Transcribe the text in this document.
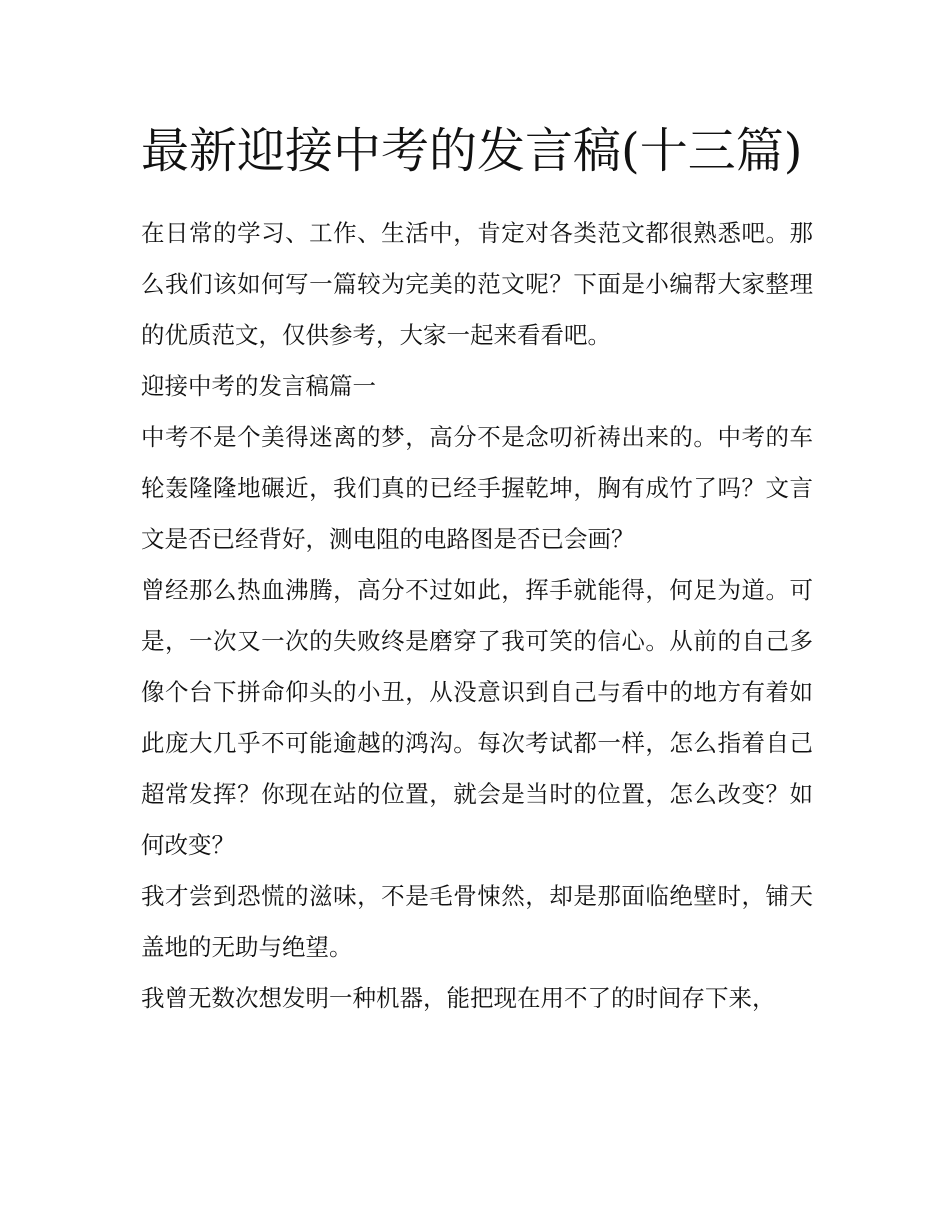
最新迎接中考的发言稿(十三篇)

在日常的学习、工作、生活中，肯定对各类范文都很熟悉吧。那么我们该如何写一篇较为完美的范文呢？下面是小编帮大家整理的优质范文，仅供参考，大家一起来看看吧。

迎接中考的发言稿篇一

中考不是个美得迷离的梦，高分不是念叨祈祷出来的。中考的车轮轰隆隆地碾近，我们真的已经手握乾坤，胸有成竹了吗？文言文是否已经背好，测电阻的电路图是否已会画？

曾经那么热血沸腾，高分不过如此，挥手就能得，何足为道。可是，一次又一次的失败终是磨穿了我可笑的信心。从前的自己多像个台下拼命仰头的小丑，从没意识到自己与看中的地方有着如此庞大几乎不可能逾越的鸿沟。每次考试都一样，怎么指着自己超常发挥？你现在站的位置，就会是当时的位置，怎么改变？如何改变？

我才尝到恐慌的滋味，不是毛骨悚然，却是那面临绝壁时，铺天盖地的无助与绝望。

我曾无数次想发明一种机器，能把现在用不了的时间存下来，
